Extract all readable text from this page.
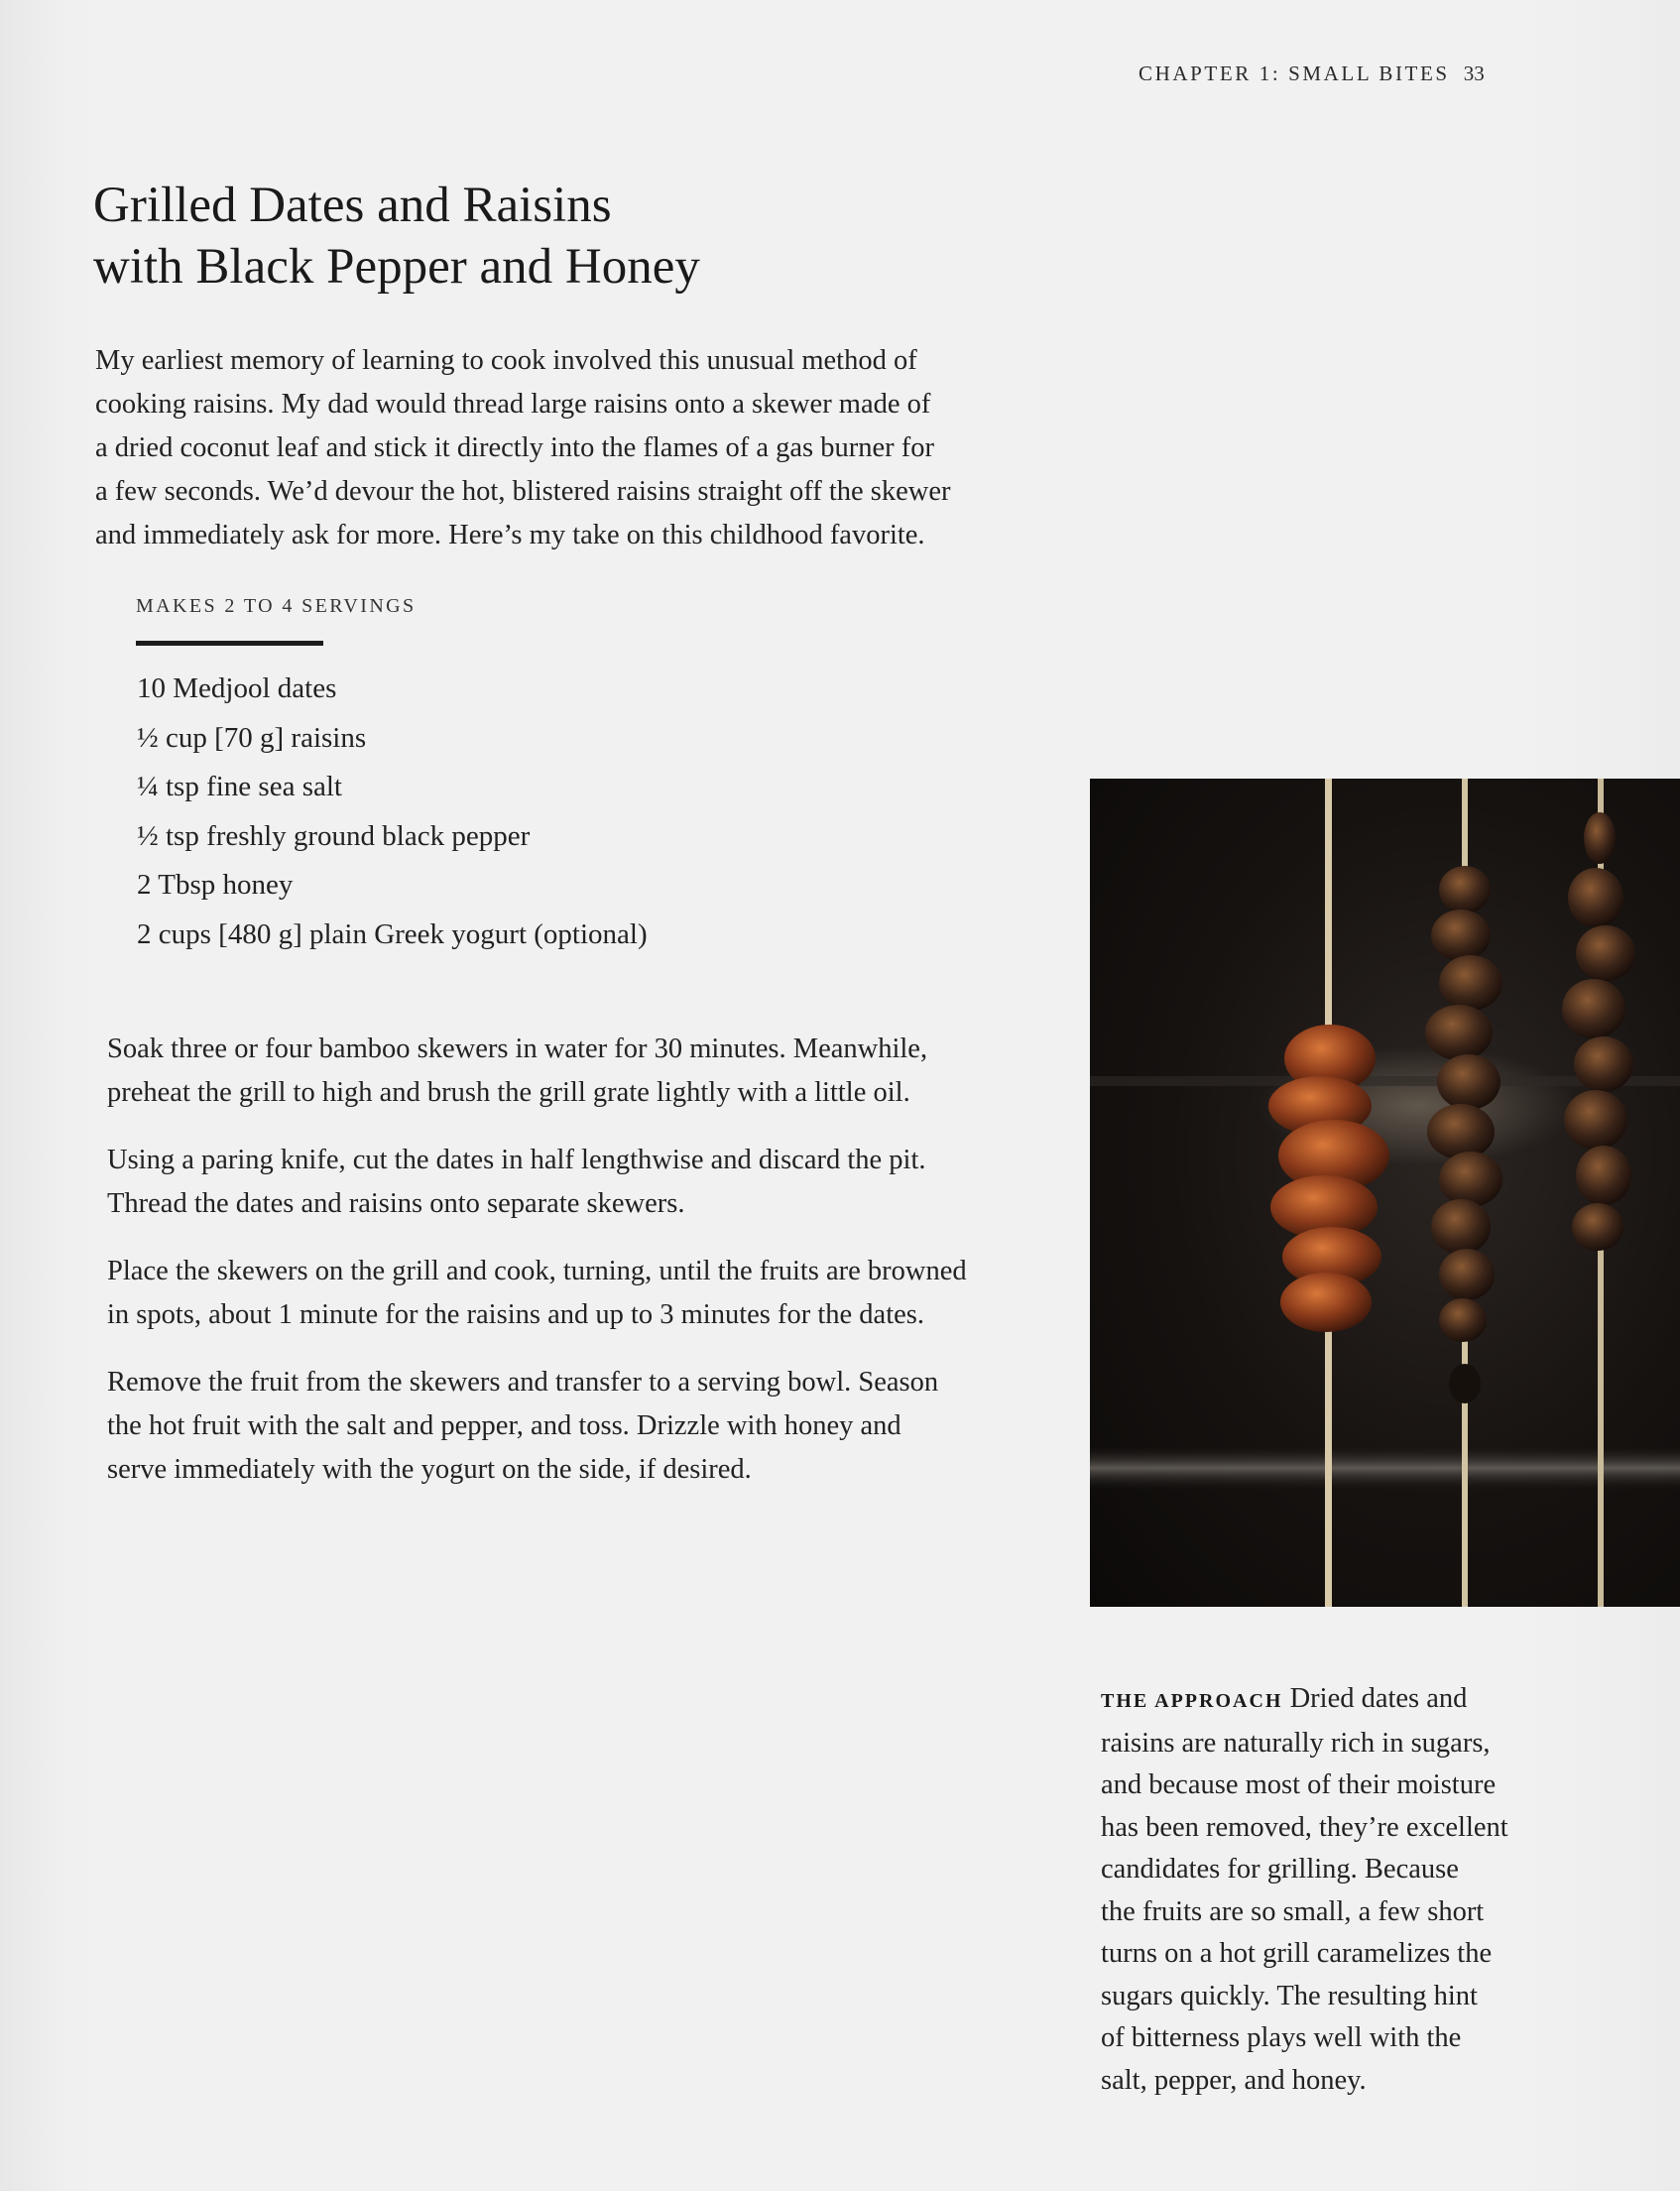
CHAPTER 1: SMALL BITES 33
Grilled Dates and Raisins
with Black Pepper and Honey
My earliest memory of learning to cook involved this unusual method of
cooking raisins. My dad would thread large raisins onto a skewer made of
a dried coconut leaf and stick it directly into the flames of a gas burner for
a few seconds. We’d devour the hot, blistered raisins straight off the skewer
and immediately ask for more. Here’s my take on this childhood favorite.
MAKES 2 TO 4 SERVINGS
10 Medjool dates
½ cup [70 g] raisins
¼ tsp fine sea salt
½ tsp freshly ground black pepper
2 Tbsp honey
2 cups [480 g] plain Greek yogurt (optional)

Soak three or four bamboo skewers in water for 30 minutes. Meanwhile,
preheat the grill to high and brush the grill grate lightly with a little oil.

Using a paring knife, cut the dates in half lengthwise and discard the pit.
Thread the dates and raisins onto separate skewers.

Place the skewers on the grill and cook, turning, until the fruits are browned
in spots, about 1 minute for the raisins and up to 3 minutes for the dates.

Remove the fruit from the skewers and transfer to a serving bowl. Season
the hot fruit with the salt and pepper, and toss. Drizzle with honey and
serve immediately with the yogurt on the side, if desired.

THE APPROACH Dried dates and
raisins are naturally rich in sugars,
and because most of their moisture
has been removed, they’re excellent
candidates for grilling. Because
the fruits are so small, a few short
turns on a hot grill caramelizes the
sugars quickly. The resulting hint
of bitterness plays well with the
salt, pepper, and honey.
